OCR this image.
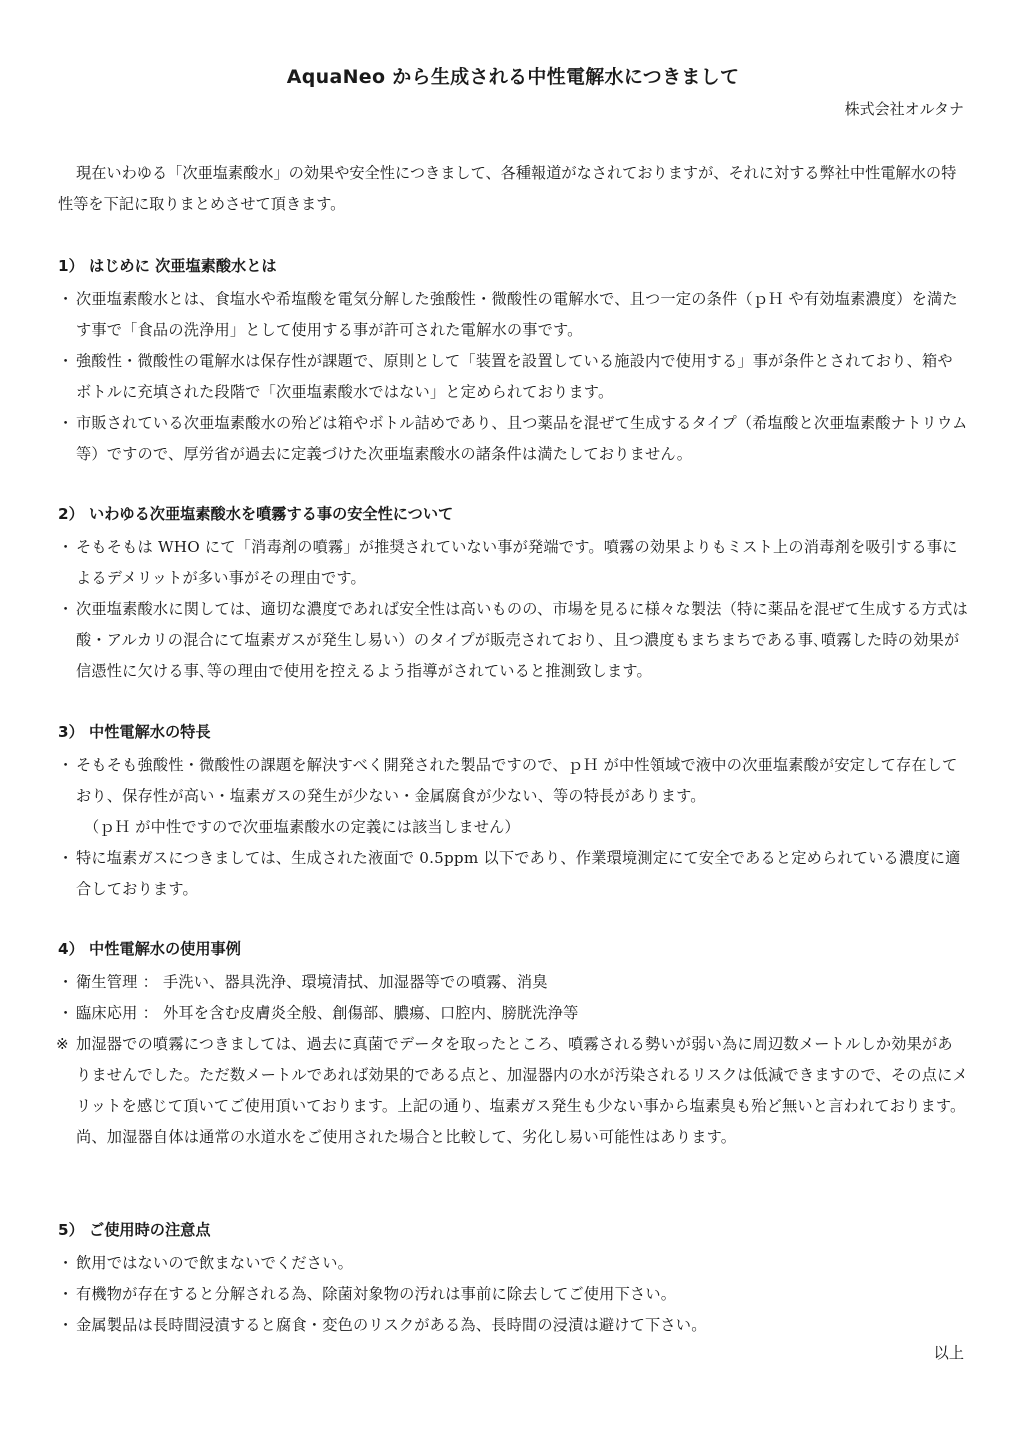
AquaNeo から生成される中性電解水につきまして
株式会社オルタナ

現在いわゆる「次亜塩素酸水」の効果や安全性につきまして、各種報道がなされておりますが、それに対する弊社中性電解水の特性等を下記に取りまとめさせて頂きます。

1） はじめに 次亜塩素酸水とは

・ 次亜塩素酸水とは、食塩水や希塩酸を電気分解した強酸性・微酸性の電解水で、且つ一定の条件（ｐＨ や有効塩素濃度）を満たす事で「食品の洗浄用」として使用する事が許可された電解水の事です。

・ 強酸性・微酸性の電解水は保存性が課題で、原則として「装置を設置している施設内で使用する」事が条件とされており、箱やボトルに充填された段階で「次亜塩素酸水ではない」と定められております。

・ 市販されている次亜塩素酸水の殆どは箱やボトル詰めであり、且つ薬品を混ぜて生成するタイプ（希塩酸と次亜塩素酸ナトリウム等）ですので、厚労省が過去に定義づけた次亜塩素酸水の諸条件は満たしておりません。

2） いわゆる次亜塩素酸水を噴霧する事の安全性について

・ そもそもは WHO にて「消毒剤の噴霧」が推奨されていない事が発端です。噴霧の効果よりもミスト上の消毒剤を吸引する事によるデメリットが多い事がその理由です。

・ 次亜塩素酸水に関しては、適切な濃度であれば安全性は高いものの、市場を見るに様々な製法（特に薬品を混ぜて生成する方式は酸・アルカリの混合にて塩素ガスが発生し易い）のタイプが販売されており、且つ濃度もまちまちである事､噴霧した時の効果が信憑性に欠ける事､等の理由で使用を控えるよう指導がされていると推測致します。

3） 中性電解水の特長

・ そもそも強酸性・微酸性の課題を解決すべく開発された製品ですので、ｐＨ が中性領域で液中の次亜塩素酸が安定して存在しており、保存性が高い・塩素ガスの発生が少ない・金属腐食が少ない、等の特長があります。
（ｐＨ が中性ですので次亜塩素酸水の定義には該当しません）

・ 特に塩素ガスにつきましては、生成された液面で 0.5ppm 以下であり、作業環境測定にて安全であると定められている濃度に適合しております。

4） 中性電解水の使用事例

・ 衛生管理 ： 手洗い、器具洗浄、環境清拭、加湿器等での噴霧、消臭

・ 臨床応用 ： 外耳を含む皮膚炎全般、創傷部、膿瘍、口腔内、膀胱洗浄等

※ 加湿器での噴霧につきましては、過去に真菌でデータを取ったところ、噴霧される勢いが弱い為に周辺数メートルしか効果がありませんでした。ただ数メートルであれば効果的である点と、加湿器内の水が汚染されるリスクは低減できますので、その点にメリットを感じて頂いてご使用頂いております。上記の通り、塩素ガス発生も少ない事から塩素臭も殆ど無いと言われております。尚、加湿器自体は通常の水道水をご使用された場合と比較して、劣化し易い可能性はあります。

5） ご使用時の注意点

・ 飲用ではないので飲まないでください。

・ 有機物が存在すると分解される為、除菌対象物の汚れは事前に除去してご使用下さい。

・ 金属製品は長時間浸漬すると腐食・変色のリスクがある為、長時間の浸漬は避けて下さい。

以上
